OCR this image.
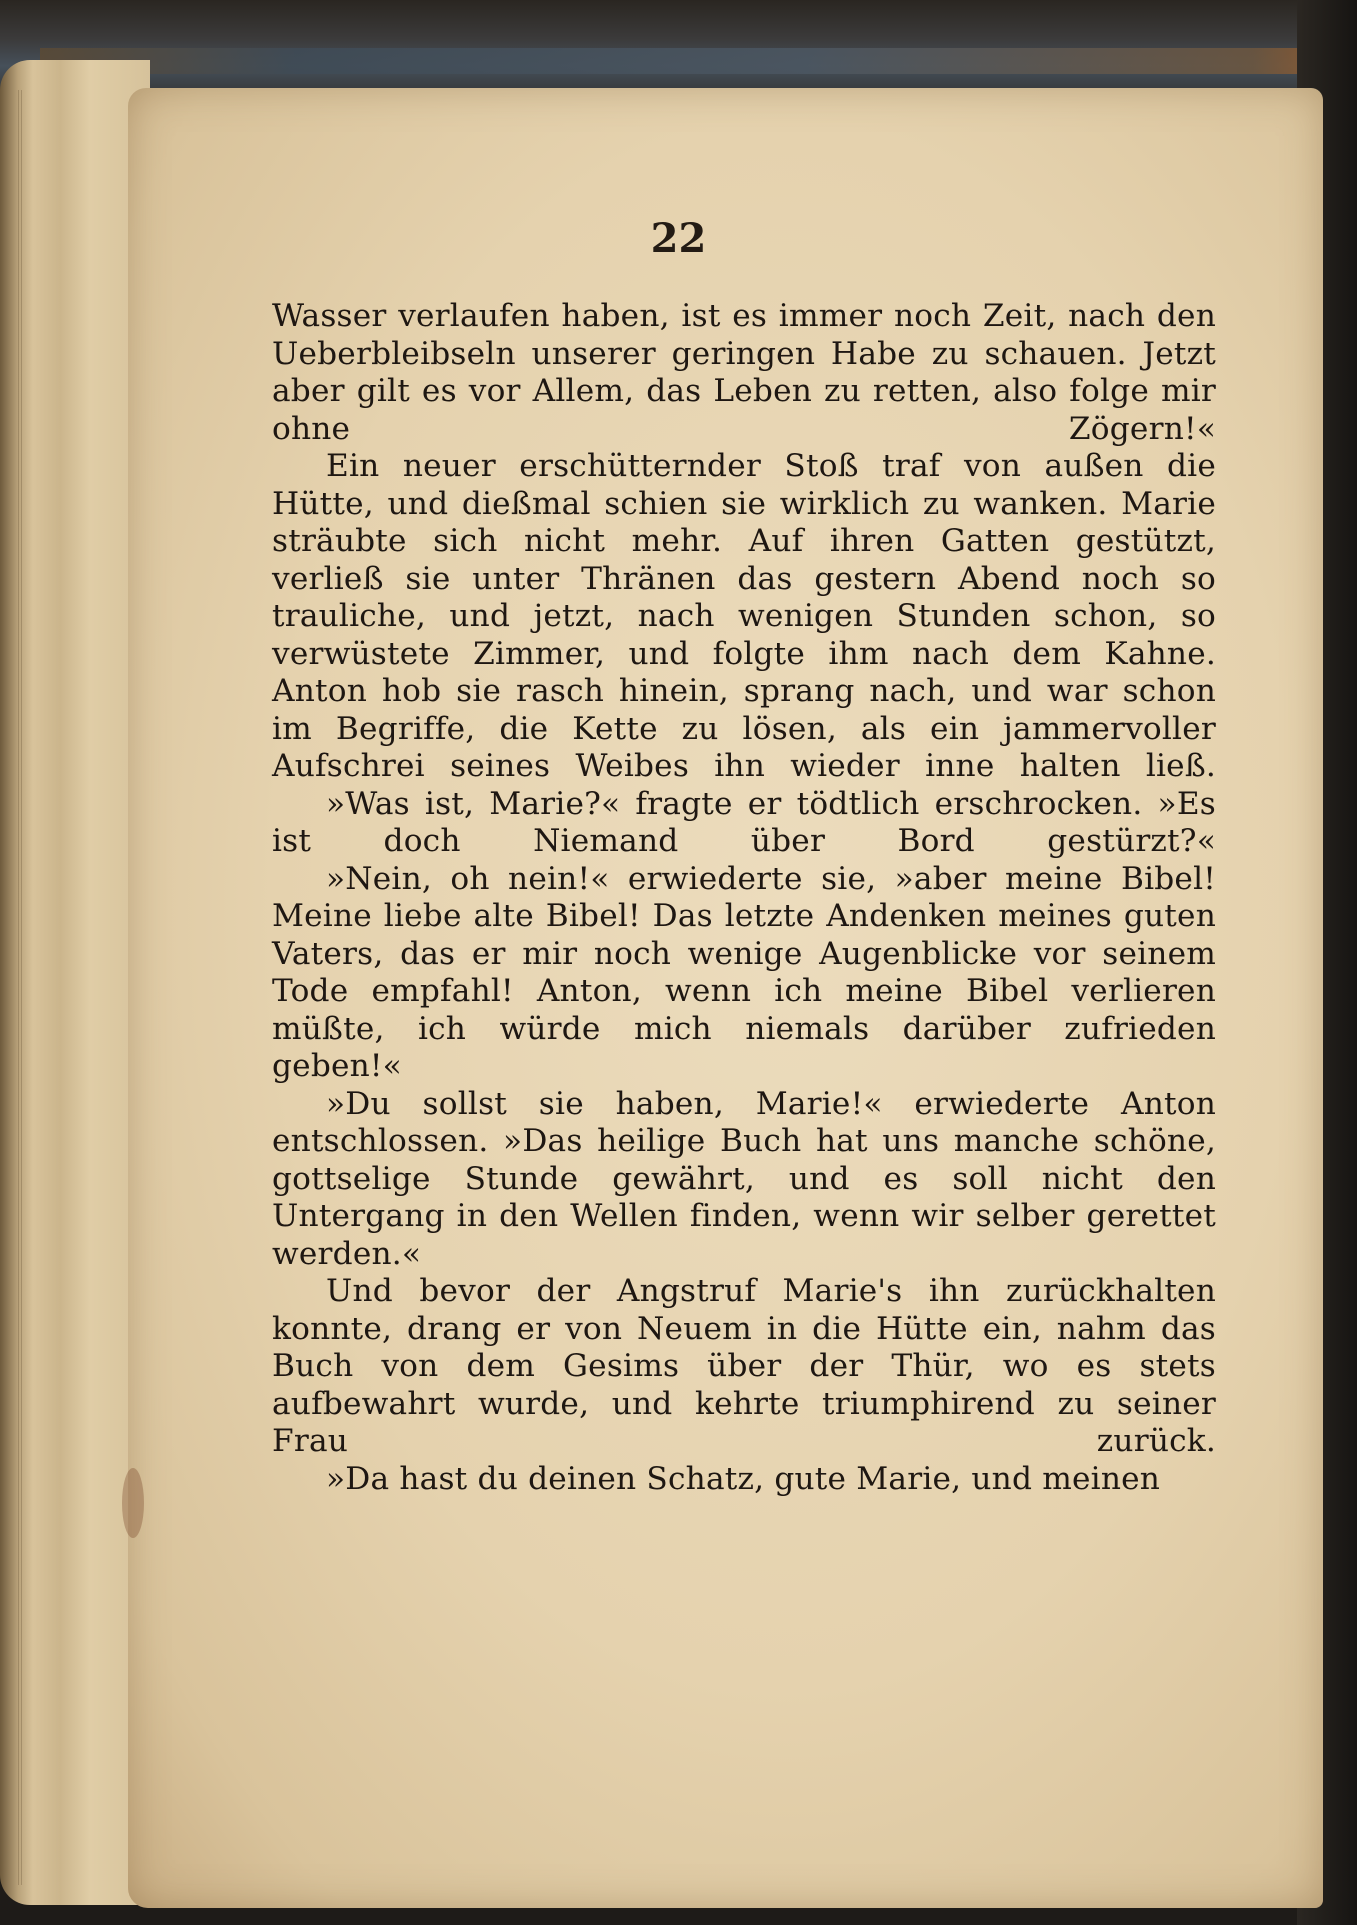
22

Wasser verlaufen haben, ist es immer noch Zeit, nach den Ueberbleibseln unserer geringen Habe zu schauen. Jetzt aber gilt es vor Allem, das Leben zu retten, also folge mir ohne Zögern!«

Ein neuer erschütternder Stoß traf von außen die Hütte, und dießmal schien sie wirklich zu wanken. Marie sträubte sich nicht mehr. Auf ihren Gatten gestützt, verließ sie unter Thränen das gestern Abend noch so trauliche, und jetzt, nach wenigen Stunden schon, so verwüstete Zimmer, und folgte ihm nach dem Kahne. Anton hob sie rasch hinein, sprang nach, und war schon im Begriffe, die Kette zu lösen, als ein jammervoller Aufschrei seines Weibes ihn wieder inne halten ließ.

»Was ist, Marie?« fragte er tödtlich erschrocken. »Es ist doch Niemand über Bord gestürzt?«

»Nein, oh nein!« erwiederte sie, »aber meine Bibel! Meine liebe alte Bibel! Das letzte Andenken meines guten Vaters, das er mir noch wenige Augenblicke vor seinem Tode empfahl! Anton, wenn ich meine Bibel verlieren müßte, ich würde mich niemals darüber zufrieden geben!«

»Du sollst sie haben, Marie!« erwiederte Anton entschlossen. »Das heilige Buch hat uns manche schöne, gottselige Stunde gewährt, und es soll nicht den Untergang in den Wellen finden, wenn wir selber gerettet werden.«

Und bevor der Angstruf Marie's ihn zurückhalten konnte, drang er von Neuem in die Hütte ein, nahm das Buch von dem Gesims über der Thür, wo es stets aufbewahrt wurde, und kehrte triumphirend zu seiner Frau zurück.

»Da hast du deinen Schatz, gute Marie, und meinen
